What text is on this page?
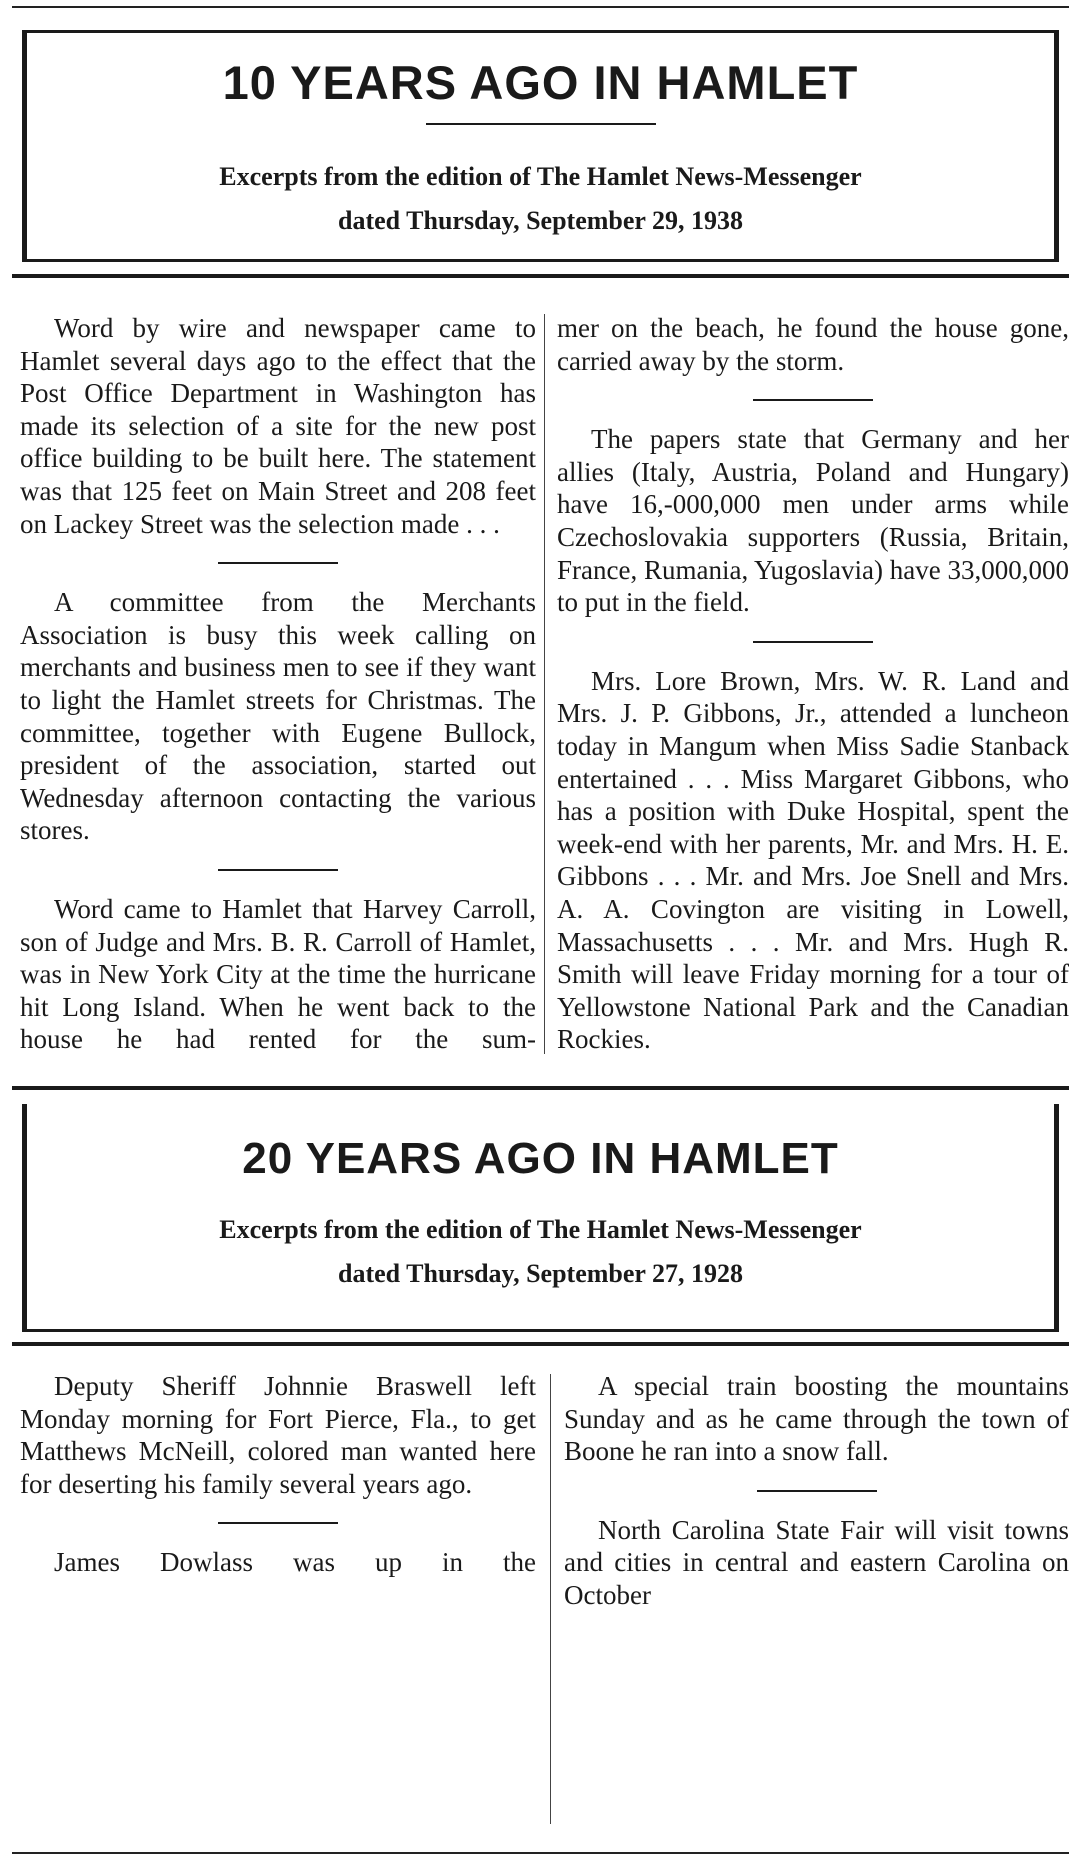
10 YEARS AGO IN HAMLET
Excerpts from the edition of The Hamlet News-Messenger
dated Thursday, September 29, 1938

Word by wire and newspaper came to Hamlet several days ago to the effect that the Post Office Department in Washington has made its selection of a site for the new post office building to be built here. The statement was that 125 feet on Main Street and 208 feet on Lackey Street was the selection made . . .

A committee from the Merchants Association is busy this week calling on merchants and business men to see if they want to light the Hamlet streets for Christmas. The committee, together with Eugene Bullock, president of the association, started out Wednesday afternoon contacting the various stores.

Word came to Hamlet that Harvey Carroll, son of Judge and Mrs. B. R. Carroll of Hamlet, was in New York City at the time the hurricane hit Long Island. When he went back to the house he had rented for the sum-

mer on the beach, he found the house gone, carried away by the storm.

The papers state that Germany and her allies (Italy, Austria, Poland and Hungary) have 16,-000,000 men under arms while Czechoslovakia supporters (Russia, Britain, France, Rumania, Yugoslavia) have 33,000,000 to put in the field.

Mrs. Lore Brown, Mrs. W. R. Land and Mrs. J. P. Gibbons, Jr., attended a luncheon today in Mangum when Miss Sadie Stanback entertained . . . Miss Margaret Gibbons, who has a position with Duke Hospital, spent the week-end with her parents, Mr. and Mrs. H. E. Gibbons . . . Mr. and Mrs. Joe Snell and Mrs. A. A. Covington are visiting in Lowell, Massachusetts . . . Mr. and Mrs. Hugh R. Smith will leave Friday morning for a tour of Yellowstone National Park and the Canadian Rockies.

20 YEARS AGO IN HAMLET
Excerpts from the edition of The Hamlet News-Messenger
dated Thursday, September 27, 1928

Deputy Sheriff Johnnie Braswell left Monday morning for Fort Pierce, Fla., to get Matthews McNeill, colored man wanted here for deserting his family several years ago.

James Dowlass was up in the

A special train boosting the mountains Sunday and as he came through the town of Boone he ran into a snow fall.

North Carolina State Fair will visit towns and cities in central and eastern Carolina on October
